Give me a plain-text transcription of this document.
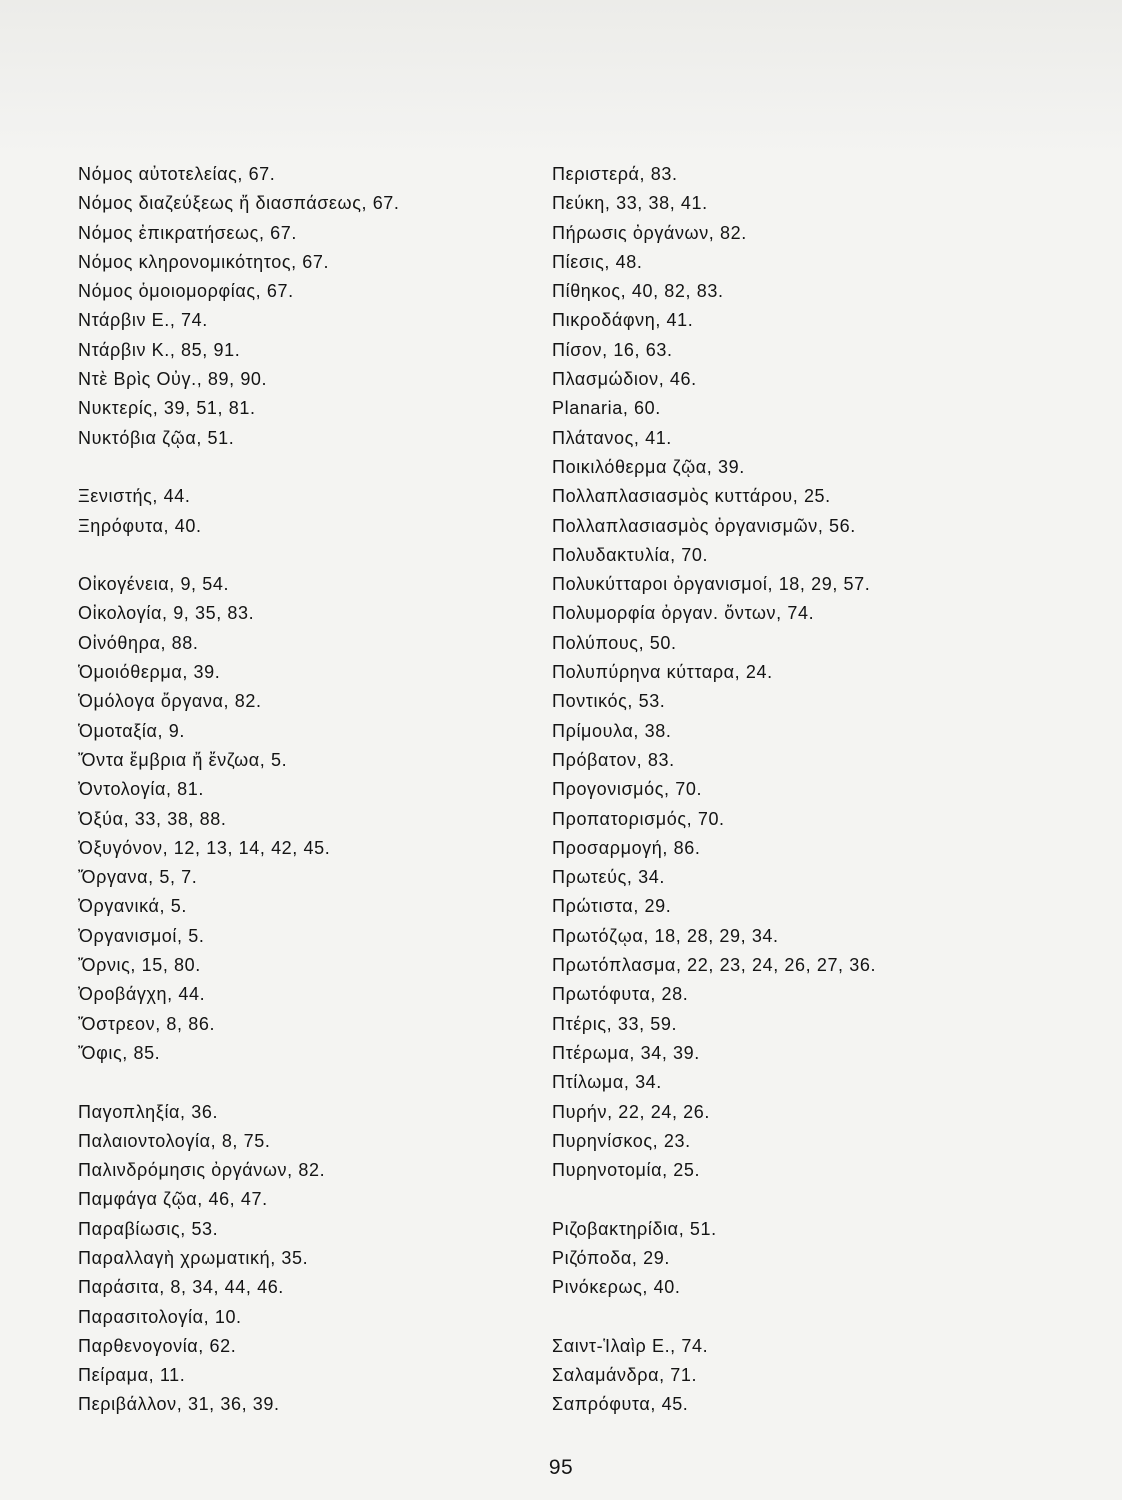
Νόμος αὐτοτελείας, 67.
Νόμος διαζεύξεως ἤ διασπάσεως, 67.
Νόμος ἐπικρατήσεως, 67.
Νόμος κληρονομικότητος, 67.
Νόμος ὁμοιομορφίας, 67.
Ντάρβιν Ε., 74.
Ντάρβιν Κ., 85, 91.
Ντὲ Βρὶς Οὐγ., 89, 90.
Νυκτερίς, 39, 51, 81.
Νυκτόβια ζῷα, 51.
Ξενιστής, 44.
Ξηρόφυτα, 40.
Οἰκογένεια, 9, 54.
Οἰκολογία, 9, 35, 83.
Οἰνόθηρα, 88.
Ὁμοιόθερμα, 39.
Ὁμόλογα ὄργανα, 82.
Ὁμοταξία, 9.
Ὄντα ἔμβρια ἤ ἔνζωα, 5.
Ὀντολογία, 81.
Ὀξύα, 33, 38, 88.
Ὀξυγόνον, 12, 13, 14, 42, 45.
Ὄργανα, 5, 7.
Ὀργανικά, 5.
Ὀργανισμοί, 5.
Ὄρνις, 15, 80.
Ὀροβάγχη, 44.
Ὄστρεον, 8, 86.
Ὄφις, 85.
Παγοπληξία, 36.
Παλαιοντολογία, 8, 75.
Παλινδρόμησις ὀργάνων, 82.
Παμφάγα ζῷα, 46, 47.
Παραβίωσις, 53.
Παραλλαγὴ χρωματική, 35.
Παράσιτα, 8, 34, 44, 46.
Παρασιτολογία, 10.
Παρθενογονία, 62.
Πείραμα, 11.
Περιβάλλον, 31, 36, 39.
Περιστερά, 83.
Πεύκη, 33, 38, 41.
Πήρωσις ὀργάνων, 82.
Πίεσις, 48.
Πίθηκος, 40, 82, 83.
Πικροδάφνη, 41.
Πίσον, 16, 63.
Πλασμώδιον, 46.
Planaria, 60.
Πλάτανος, 41.
Ποικιλόθερμα ζῷα, 39.
Πολλαπλασιασμὸς κυττάρου, 25.
Πολλαπλασιασμὸς ὀργανισμῶν, 56.
Πολυδακτυλία, 70.
Πολυκύτταροι ὀργανισμοί, 18, 29, 57.
Πολυμορφία ὀργαν. ὄντων, 74.
Πολύπους, 50.
Πολυπύρηνα κύτταρα, 24.
Ποντικός, 53.
Πρίμουλα, 38.
Πρόβατον, 83.
Προγονισμός, 70.
Προπατορισμός, 70.
Προσαρμογή, 86.
Πρωτεύς, 34.
Πρώτιστα, 29.
Πρωτόζῳα, 18, 28, 29, 34.
Πρωτόπλασμα, 22, 23, 24, 26, 27, 36.
Πρωτόφυτα, 28.
Πτέρις, 33, 59.
Πτέρωμα, 34, 39.
Πτίλωμα, 34.
Πυρήν, 22, 24, 26.
Πυρηνίσκος, 23.
Πυρηνοτομία, 25.
Ριζοβακτηρίδια, 51.
Ριζόποδα, 29.
Ρινόκερως, 40.
Σαιντ-Ἱλαὶρ Ε., 74.
Σαλαμάνδρα, 71.
Σαπρόφυτα, 45.
95
